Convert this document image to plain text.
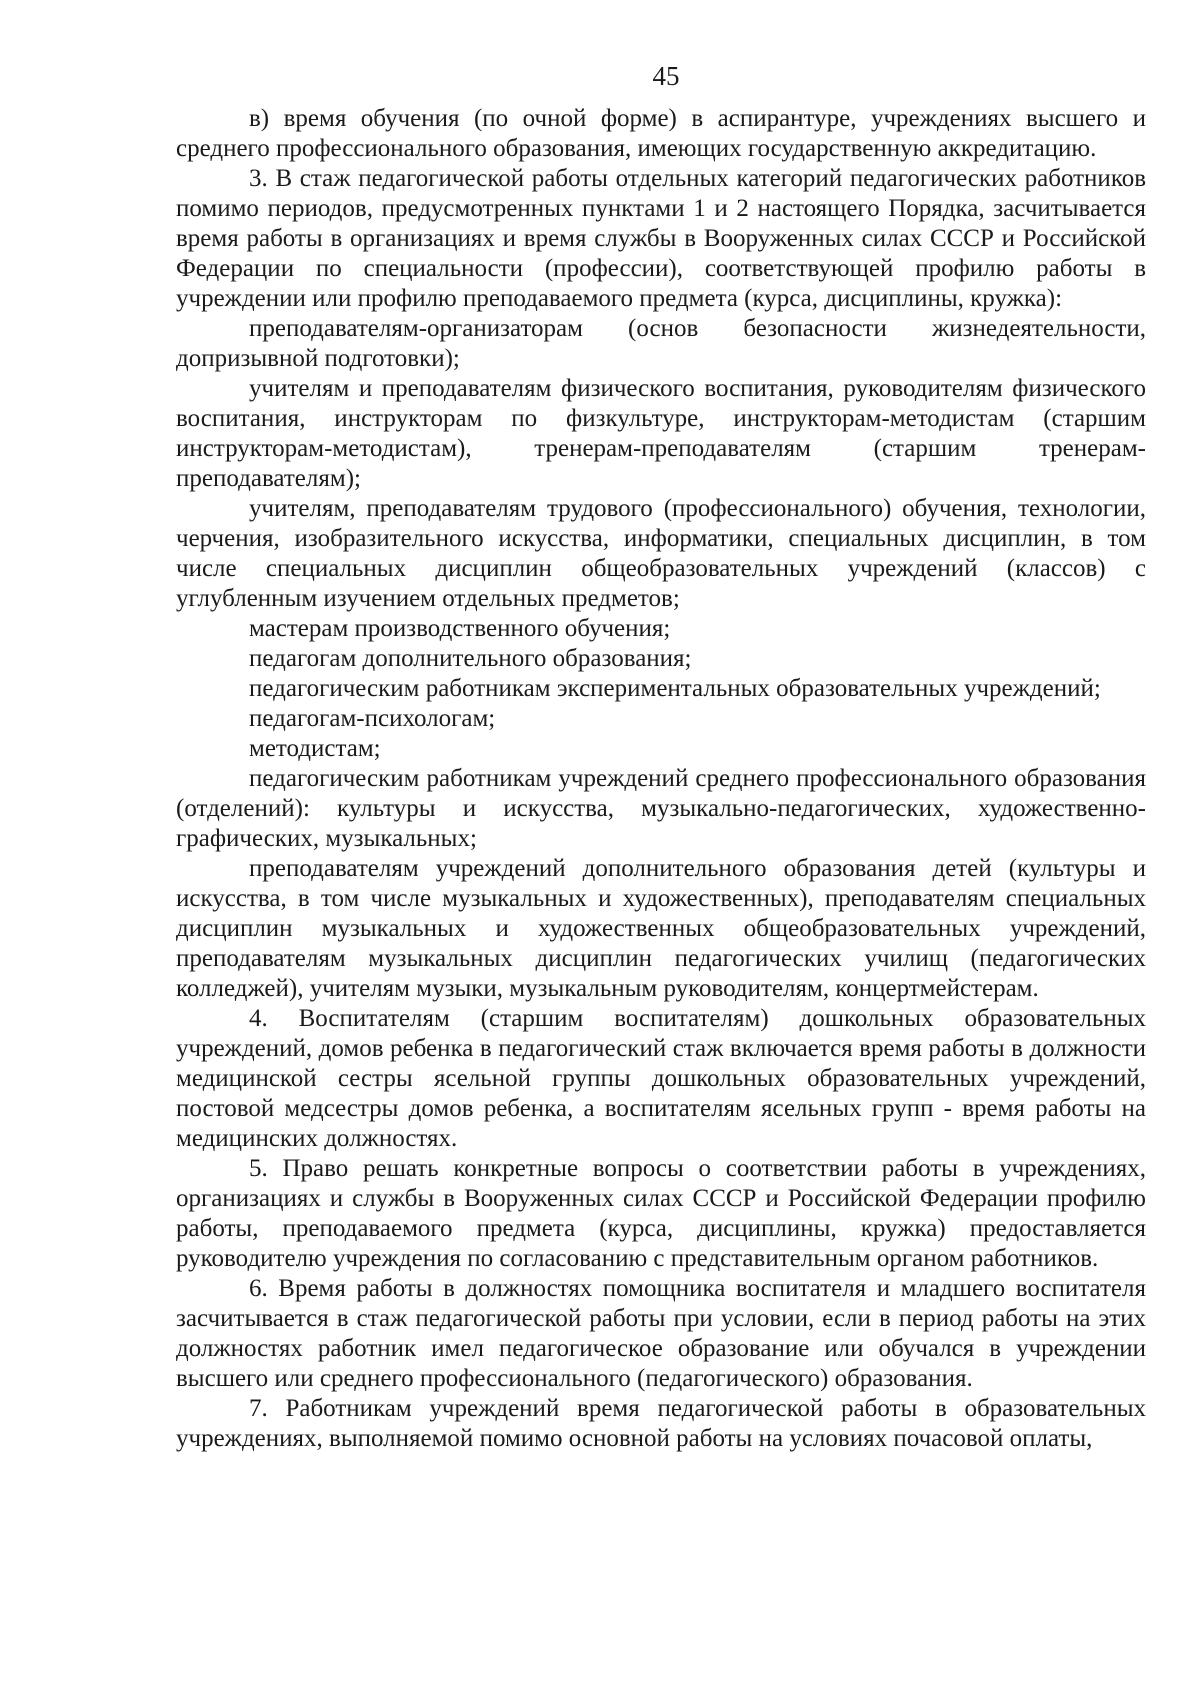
45

в) время обучения (по очной форме) в аспирантуре, учреждениях высшего и среднего профессионального образования, имеющих государственную аккредитацию.

3. В стаж педагогической работы отдельных категорий педагогических работников помимо периодов, предусмотренных пунктами 1 и 2 настоящего Порядка, засчитывается время работы в организациях и время службы в Вооруженных силах СССР и Российской Федерации по специальности (профессии), соответствующей профилю работы в учреждении или профилю преподаваемого предмета (курса, дисциплины, кружка):

преподавателям-организаторам (основ безопасности жизнедеятельности, допризывной подготовки);

учителям и преподавателям физического воспитания, руководителям физического воспитания, инструкторам по физкультуре, инструкторам-методистам (старшим инструкторам-методистам), тренерам-преподавателям (старшим тренерам-преподавателям);

учителям, преподавателям трудового (профессионального) обучения, технологии, черчения, изобразительного искусства, информатики, специальных дисциплин, в том числе специальных дисциплин общеобразовательных учреждений (классов) с углубленным изучением отдельных предметов;

мастерам производственного обучения;

педагогам дополнительного образования;

педагогическим работникам экспериментальных образовательных учреждений;

педагогам-психологам;

методистам;

педагогическим работникам учреждений среднего профессионального образования (отделений): культуры и искусства, музыкально-педагогических, художественно-графических, музыкальных;

преподавателям учреждений дополнительного образования детей (культуры и искусства, в том числе музыкальных и художественных), преподавателям специальных дисциплин музыкальных и художественных общеобразовательных учреждений, преподавателям музыкальных дисциплин педагогических училищ (педагогических колледжей), учителям музыки, музыкальным руководителям, концертмейстерам.

4. Воспитателям (старшим воспитателям) дошкольных образовательных учреждений, домов ребенка в педагогический стаж включается время работы в должности медицинской сестры ясельной группы дошкольных образовательных учреждений, постовой медсестры домов ребенка, а воспитателям ясельных групп - время работы на медицинских должностях.

5. Право решать конкретные вопросы о соответствии работы в учреждениях, организациях и службы в Вооруженных силах СССР и Российской Федерации профилю работы, преподаваемого предмета (курса, дисциплины, кружка) предоставляется руководителю учреждения по согласованию с представительным органом работников.

6. Время работы в должностях помощника воспитателя и младшего воспитателя засчитывается в стаж педагогической работы при условии, если в период работы на этих должностях работник имел педагогическое образование или обучался в учреждении высшего или среднего профессионального (педагогического) образования.

7. Работникам учреждений время педагогической работы в образовательных учреждениях, выполняемой помимо основной работы на условиях почасовой оплаты,
